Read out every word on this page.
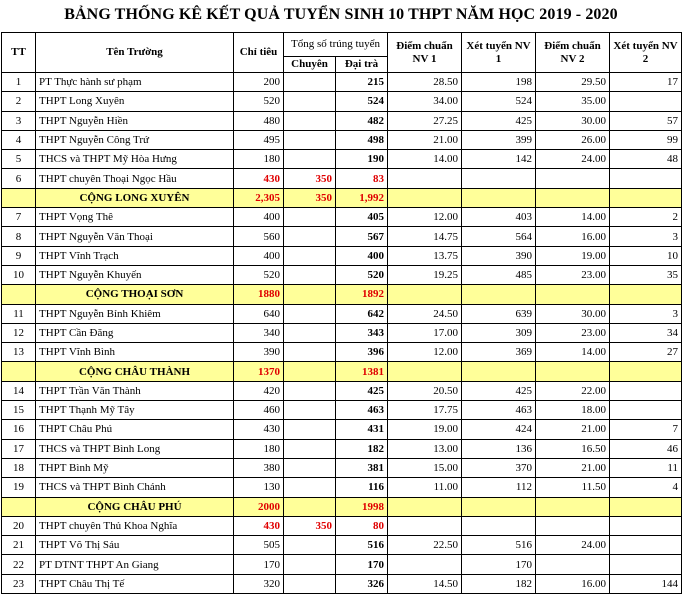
BẢNG THỐNG KÊ KẾT QUẢ TUYỂN SINH 10 THPT NĂM HỌC 2019 - 2020
TT	Tên Trường	Chỉ tiêu	Tổng số trúng tuyển		Điểm chuẩn NV 1	Xét tuyển NV 1	Điểm chuẩn NV 2	Xét tuyển NV 2
			Chuyên	Đại trà				
1	PT Thực hành sư phạm	200		215	28.50	198	29.50	17
2	THPT Long Xuyên	520		524	34.00	524	35.00	
3	THPT Nguyễn Hiền	480		482	27.25	425	30.00	57
4	THPT Nguyễn Công Trứ	495		498	21.00	399	26.00	99
5	THCS và THPT Mỹ Hòa Hưng	180		190	14.00	142	24.00	48
6	THPT chuyên Thoại Ngọc Hầu	430	350	83				
	CỘNG LONG XUYÊN	2,305	350	1,992				
7	THPT Vọng Thê	400		405	12.00	403	14.00	2
8	THPT Nguyễn Văn Thoại	560		567	14.75	564	16.00	3
9	THPT Vĩnh Trạch	400		400	13.75	390	19.00	10
10	THPT Nguyễn Khuyến	520		520	19.25	485	23.00	35
	CỘNG THOẠI SƠN	1880		1892				
11	THPT Nguyễn Bỉnh Khiêm	640		642	24.50	639	30.00	3
12	THPT Cần Đăng	340		343	17.00	309	23.00	34
13	THPT Vĩnh Bình	390		396	12.00	369	14.00	27
	CỘNG CHÂU THÀNH	1370		1381				
14	THPT Trần Văn Thành	420		425	20.50	425	22.00	
15	THPT Thạnh Mỹ Tây	460		463	17.75	463	18.00	
16	THPT Châu Phú	430		431	19.00	424	21.00	7
17	THCS và THPT Bình Long	180		182	13.00	136	16.50	46
18	THPT Bình Mỹ	380		381	15.00	370	21.00	11
19	THCS và THPT Bình Chánh	130		116	11.00	112	11.50	4
	CỘNG CHÂU PHÚ	2000		1998				
20	THPT chuyên Thủ Khoa Nghĩa	430	350	80				
21	THPT Võ Thị Sáu	505		516	22.50	516	24.00	
22	PT DTNT THPT An Giang	170		170		170		
23	THPT Châu Thị Tế	320		326	14.50	182	16.00	144
